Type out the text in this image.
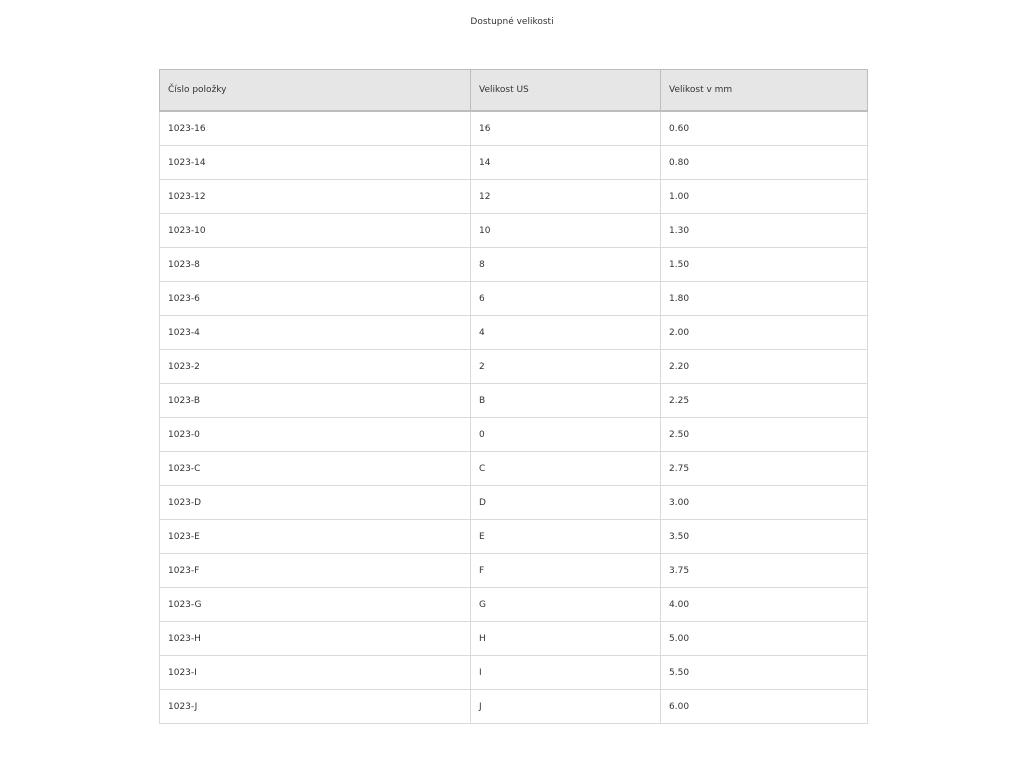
Dostupné velikosti
Číslo položky	Velikost US	Velikost v mm
1023-16	16	0.60
1023-14	14	0.80
1023-12	12	1.00
1023-10	10	1.30
1023-8	8	1.50
1023-6	6	1.80
1023-4	4	2.00
1023-2	2	2.20
1023-B	B	2.25
1023-0	0	2.50
1023-C	C	2.75
1023-D	D	3.00
1023-E	E	3.50
1023-F	F	3.75
1023-G	G	4.00
1023-H	H	5.00
1023-I	I	5.50
1023-J	J	6.00
